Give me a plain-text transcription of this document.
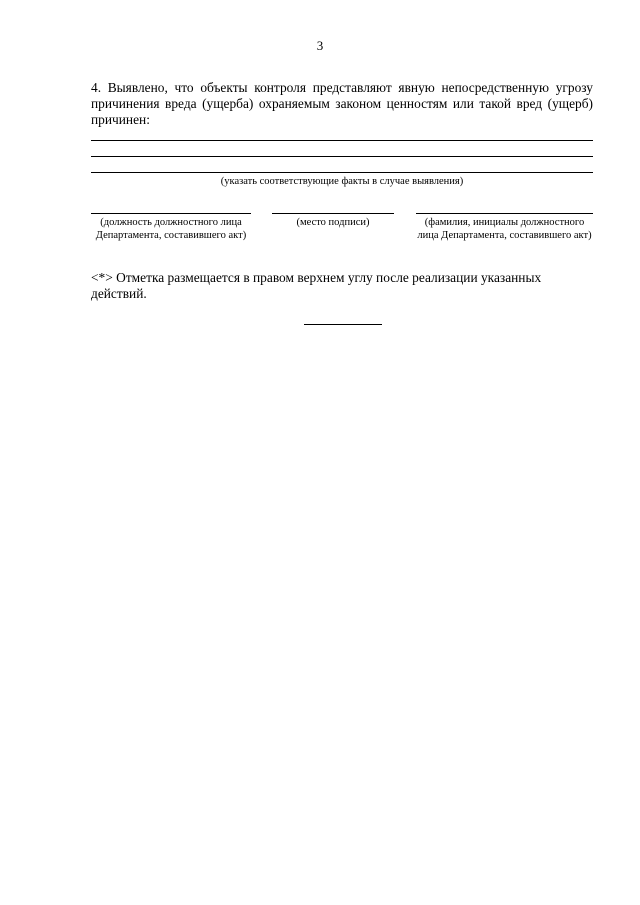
3

4. Выявлено, что объекты контроля представляют явную непосредственную угрозу причинения вреда (ущерба) охраняемым законом ценностям или такой вред (ущерб) причинен:

(указать соответствующие факты в случае выявления)
(должность должностного лица Департамента, составившего акт)
(место подписи)	(фамилия, инициалы должностного лица Департамента, составившего акт)

<*> Отметка размещается в правом верхнем углу после реализации указанных действий.
